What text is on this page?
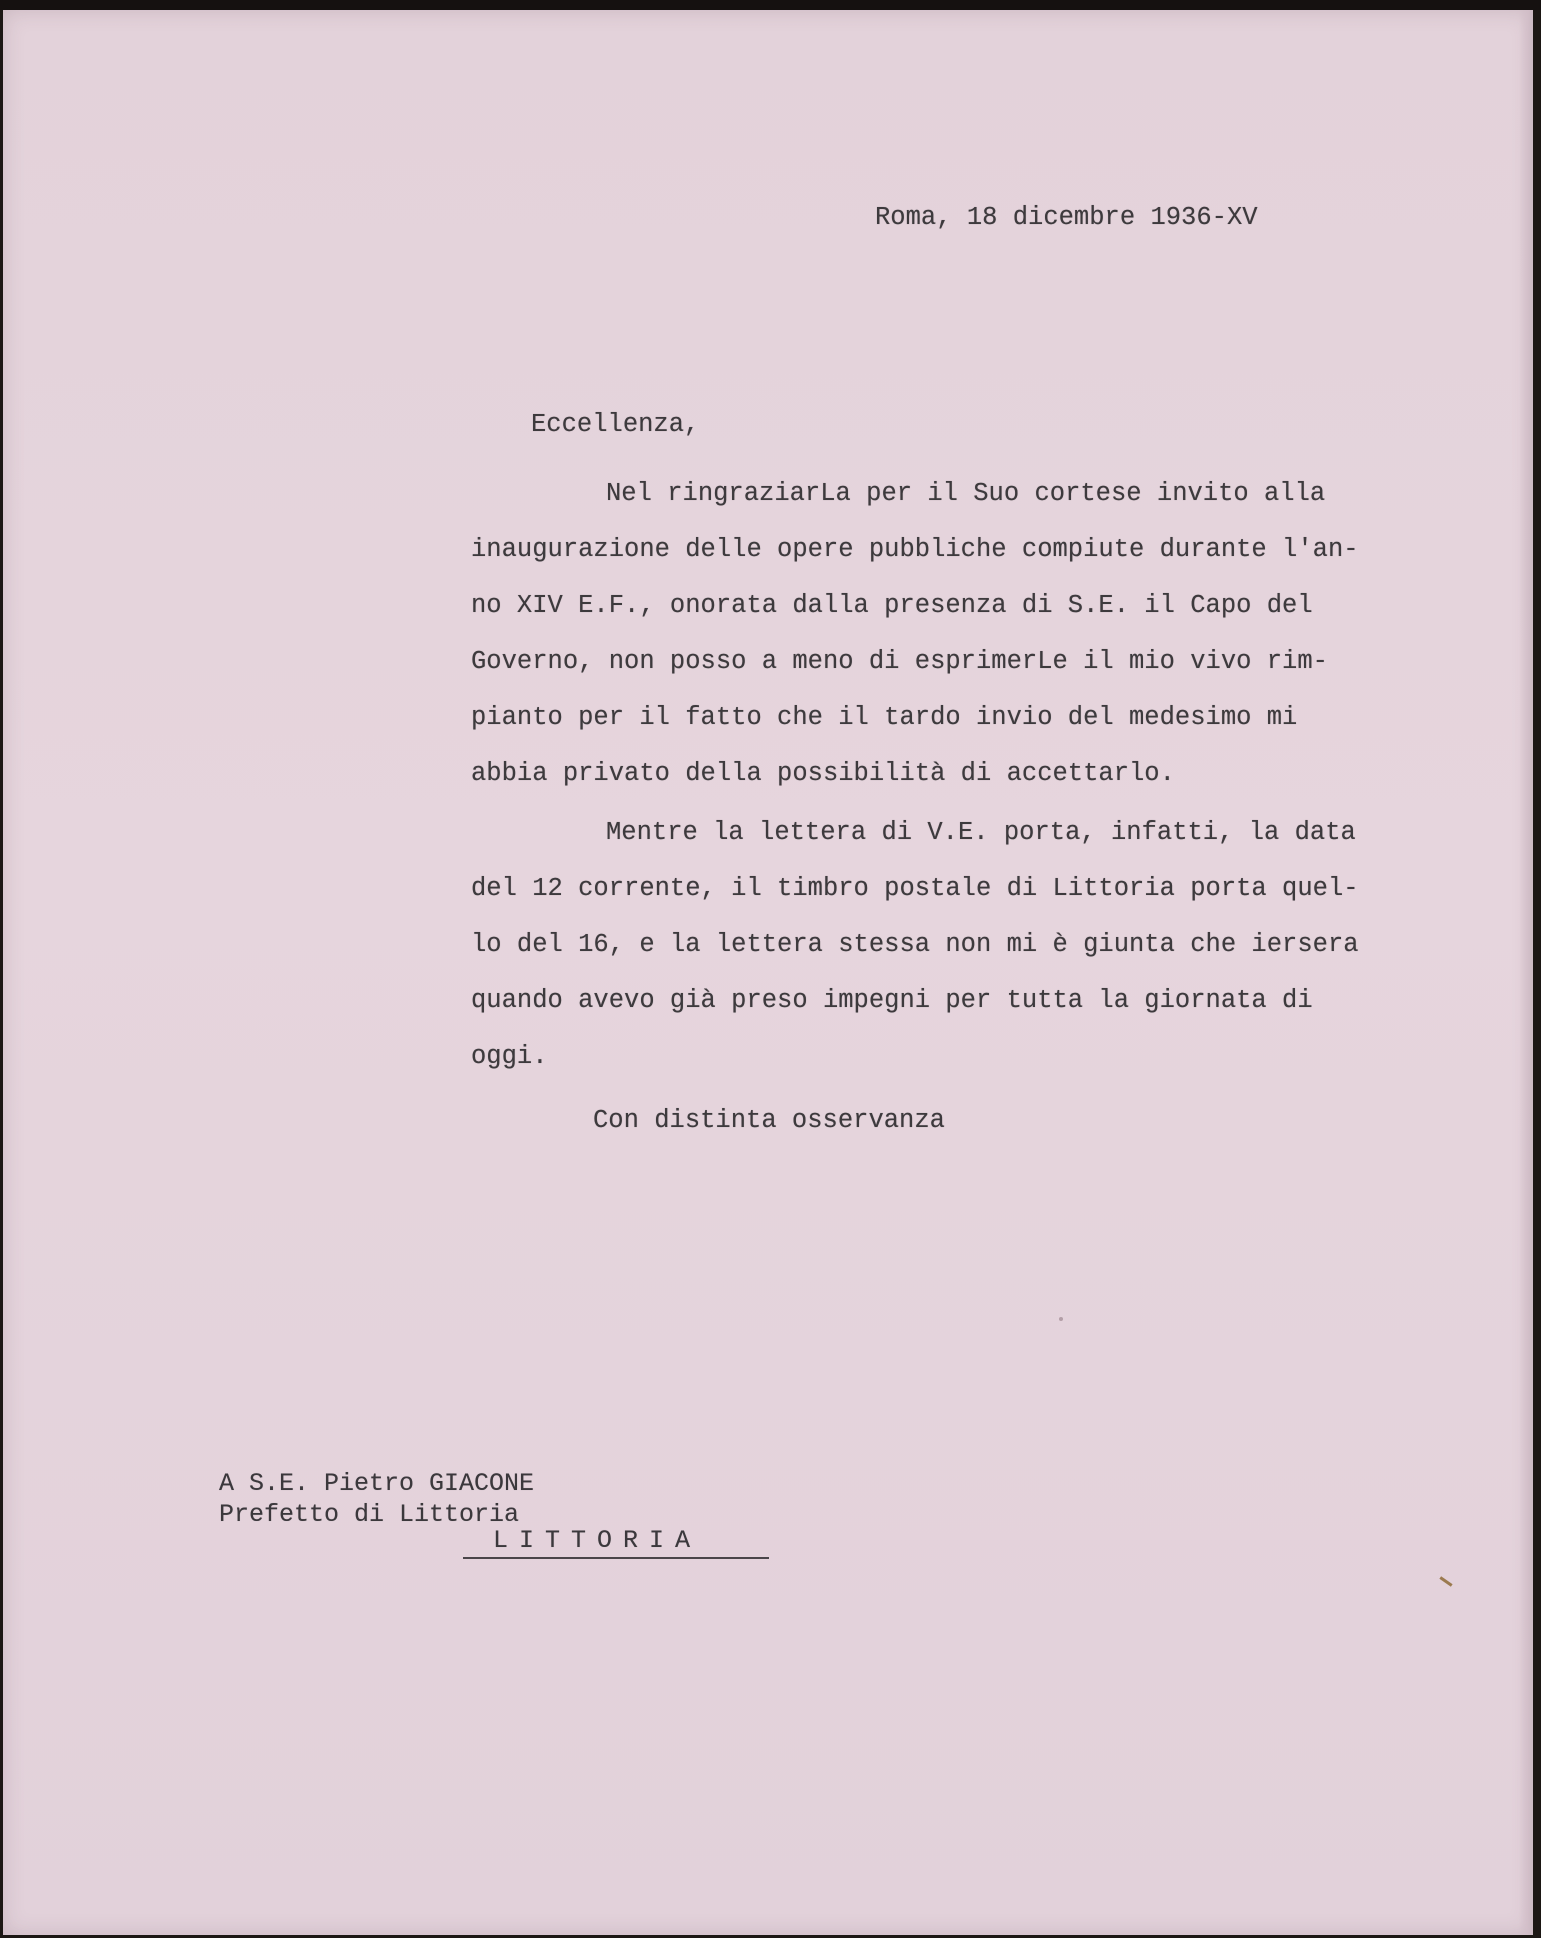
Roma, 18 dicembre 1936-XV
Eccellenza,
Nel ringraziarLa per il Suo cortese invito alla
inaugurazione delle opere pubbliche compiute durante l'an-
no XIV E.F., onorata dalla presenza di S.E. il Capo del
Governo, non posso a meno di esprimerLe il mio vivo rim-
pianto per il fatto che il tardo invio del medesimo mi
abbia privato della possibilità di accettarlo.
Mentre la lettera di V.E. porta, infatti, la data
del 12 corrente, il timbro postale di Littoria porta quel-
lo del 16, e la lettera stessa non mi è giunta che iersera
quando avevo già preso impegni per tutta la giornata di
oggi.
Con distinta osservanza
A S.E. Pietro GIACONE
Prefetto di Littoria
LITTORIA
